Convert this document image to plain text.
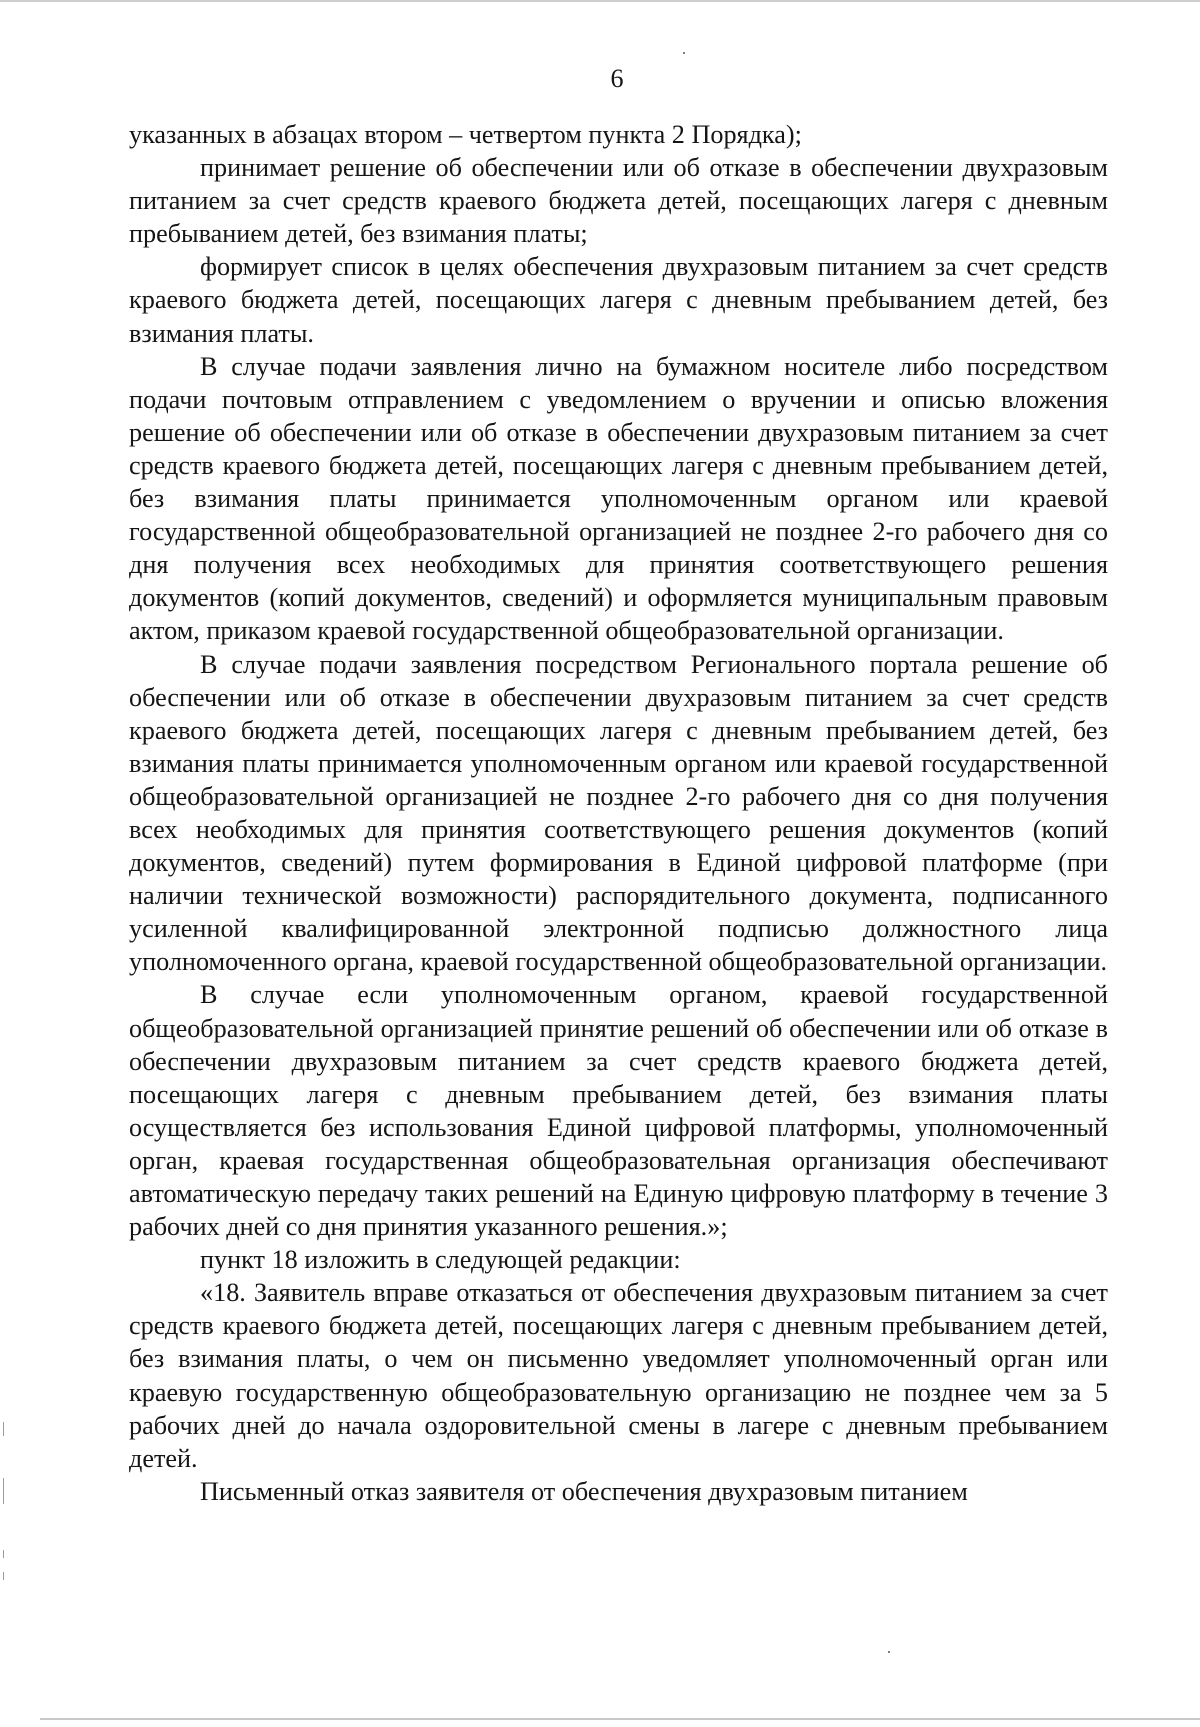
6

указанных в абзацах втором – четвертом пункта 2 Порядка);

принимает решение об обеспечении или об отказе в обеспечении двухразовым питанием за счет средств краевого бюджета детей, посещающих лагеря с дневным пребыванием детей, без взимания платы;

формирует список в целях обеспечения двухразовым питанием за счет средств краевого бюджета детей, посещающих лагеря с дневным пребыванием детей, без взимания платы.

В случае подачи заявления лично на бумажном носителе либо посредством подачи почтовым отправлением с уведомлением о вручении и описью вложения решение об обеспечении или об отказе в обеспечении двухразовым питанием за счет средств краевого бюджета детей, посещающих лагеря с дневным пребыванием детей, без взимания платы принимается уполномоченным органом или краевой государственной общеобразовательной организацией не позднее 2-го рабочего дня со дня получения всех необходимых для принятия соответствующего решения документов (копий документов, сведений) и оформляется муниципальным правовым актом, приказом краевой государственной общеобразовательной организации.

В случае подачи заявления посредством Регионального портала решение об обеспечении или об отказе в обеспечении двухразовым питанием за счет средств краевого бюджета детей, посещающих лагеря с дневным пребыванием детей, без взимания платы принимается уполномоченным органом или краевой государственной общеобразовательной организацией не позднее 2-го рабочего дня со дня получения всех необходимых для принятия соответствующего решения документов (копий документов, сведений) путем формирования в Единой цифровой платформе (при наличии технической возможности) распорядительного документа, подписанного усиленной квалифицированной электронной подписью должностного лица уполномоченного органа, краевой государственной общеобразовательной организации.

В случае если уполномоченным органом, краевой государственной общеобразовательной организацией принятие решений об обеспечении или об отказе в обеспечении двухразовым питанием за счет средств краевого бюджета детей, посещающих лагеря с дневным пребыванием детей, без взимания платы осуществляется без использования Единой цифровой платформы, уполномоченный орган, краевая государственная общеобразовательная организация обеспечивают автоматическую передачу таких решений на Единую цифровую платформу в течение 3 рабочих дней со дня принятия указанного решения.»;

пункт 18 изложить в следующей редакции:

«18. Заявитель вправе отказаться от обеспечения двухразовым питанием за счет средств краевого бюджета детей, посещающих лагеря с дневным пребыванием детей, без взимания платы, о чем он письменно уведомляет уполномоченный орган или краевую государственную общеобразовательную организацию не позднее чем за 5 рабочих дней до начала оздоровительной смены в лагере с дневным пребыванием детей.

Письменный отказ заявителя от обеспечения двухразовым питанием
